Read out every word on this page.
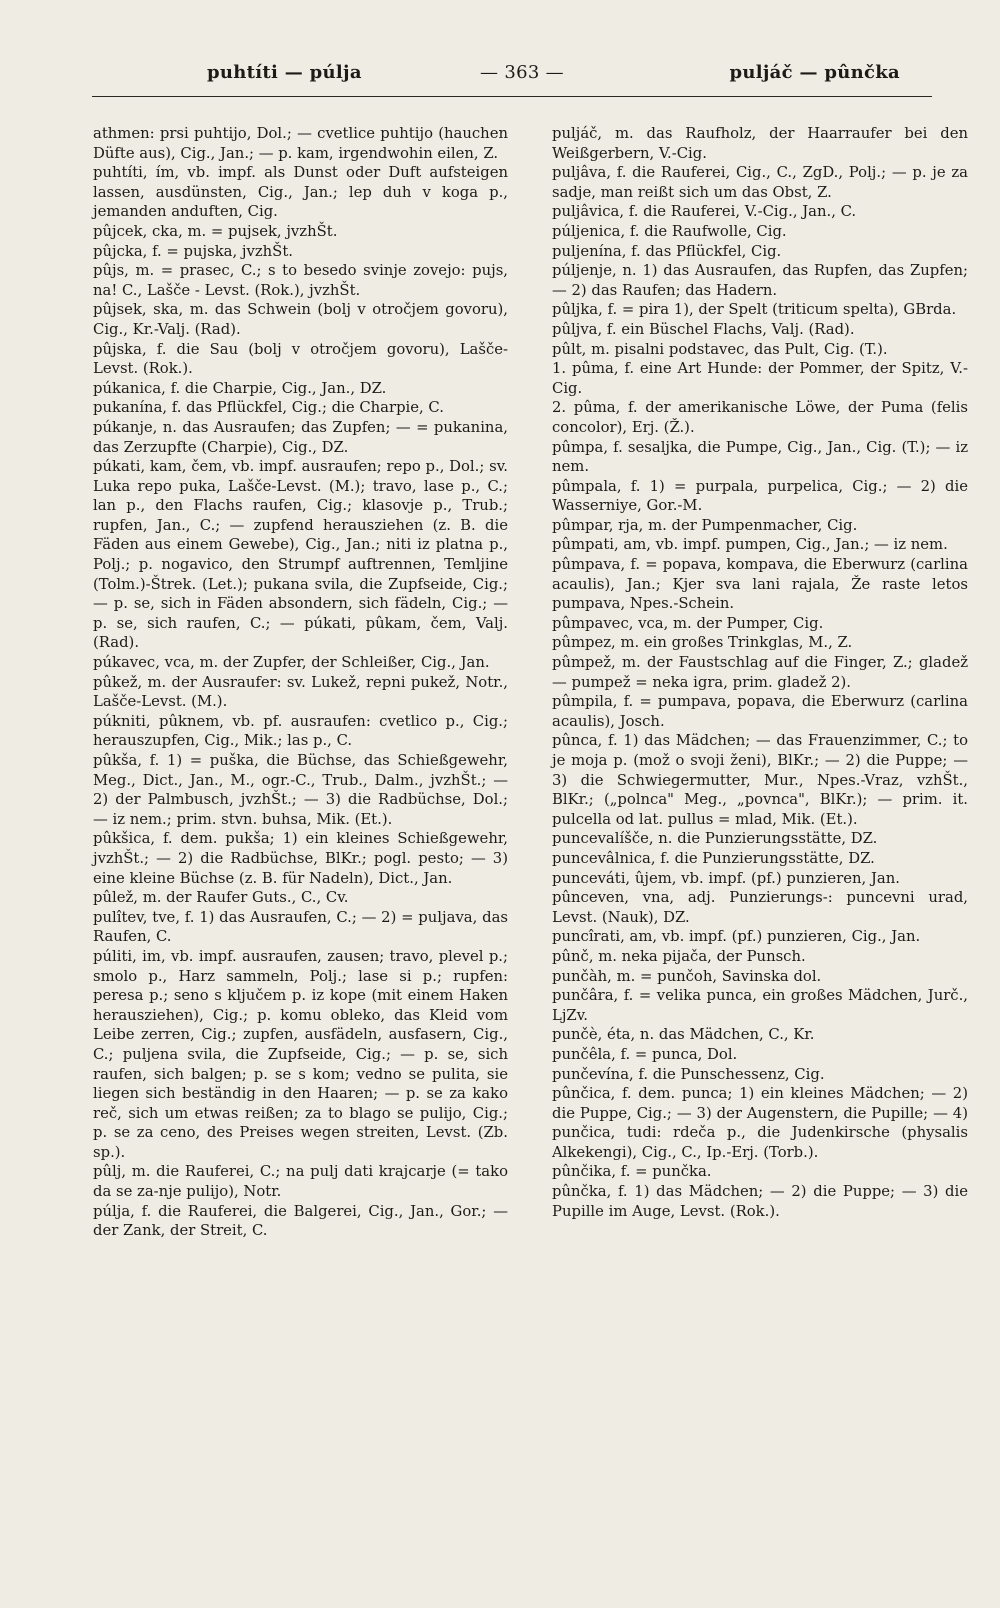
puhtíti — púlja	— 363 —	puljáč — pûnčka

athmen: prsi puhtijo, Dol.; — cvetlice puhtijo (hauchen Düfte aus), Cig., Jan.; — p. kam, irgendwohin eilen, Z.

puhtíti, ím, vb. impf. als Dunst oder Duft aufsteigen lassen, ausdünsten, Cig., Jan.; lep duh v koga p., jemanden anduften, Cig.

pûjcek, cka, m. = pujsek, jvzhŠt.

pûjcka, f. = pujska, jvzhŠt.

pûjs, m. = prasec, C.; s to besedo svinje zovejo: pujs, na! C., Lašče - Levst. (Rok.), jvzhŠt.

pûjsek, ska, m. das Schwein (bolj v otročjem govoru), Cig., Kr.-Valj. (Rad).

pûjska, f. die Sau (bolj v otročjem govoru), Lašče-Levst. (Rok.).

púkanica, f. die Charpie, Cig., Jan., DZ.

pukanína, f. das Pflückfel, Cig.; die Charpie, C.

púkanje, n. das Ausraufen; das Zupfen; — = pukanina, das Zerzupfte (Charpie), Cig., DZ.

púkati, kam, čem, vb. impf. ausraufen; repo p., Dol.; sv. Luka repo puka, Lašče-Levst. (M.); travo, lase p., C.; lan p., den Flachs raufen, Cig.; klasovje p., Trub.; rupfen, Jan., C.; — zupfend herausziehen (z. B. die Fäden aus einem Gewebe), Cig., Jan.; niti iz platna p., Polj.; p. nogavico, den Strumpf auftrennen, Temljine (Tolm.)-Štrek. (Let.); pukana svila, die Zupfseide, Cig.; — p. se, sich in Fäden absondern, sich fädeln, Cig.; — p. se, sich raufen, C.; — púkati, pûkam, čem, Valj. (Rad).

púkavec, vca, m. der Zupfer, der Schleißer, Cig., Jan.

pûkež, m. der Ausraufer: sv. Lukež, repni pukež, Notr., Lašče-Levst. (M.).

púkniti, pûknem, vb. pf. ausraufen: cvetlico p., Cig.; herauszupfen, Cig., Mik.; las p., C.

pûkša, f. 1) = puška, die Büchse, das Schießgewehr, Meg., Dict., Jan., M., ogr.-C., Trub., Dalm., jvzhŠt.; — 2) der Palmbusch, jvzhŠt.; — 3) die Radbüchse, Dol.; — iz nem.; prim. stvn. buhsa, Mik. (Et.).

pûkšica, f. dem. pukša; 1) ein kleines Schießgewehr, jvzhŠt.; — 2) die Radbüchse, BlKr.; pogl. pesto; — 3) eine kleine Büchse (z. B. für Nadeln), Dict., Jan.

pûlež, m. der Raufer Guts., C., Cv.

pulîtev, tve, f. 1) das Ausraufen, C.; — 2) = puljava, das Raufen, C.

púliti, im, vb. impf. ausraufen, zausen; travo, plevel p.; smolo p., Harz sammeln, Polj.; lase si p.; rupfen: peresa p.; seno s ključem p. iz kope (mit einem Haken herausziehen), Cig.; p. komu obleko, das Kleid vom Leibe zerren, Cig.; zupfen, ausfädeln, ausfasern, Cig., C.; puljena svila, die Zupfseide, Cig.; — p. se, sich raufen, sich balgen; p. se s kom; vedno se pulita, sie liegen sich beständig in den Haaren; — p. se za kako reč, sich um etwas reißen; za to blago se pulijo, Cig.; p. se za ceno, des Preises wegen streiten, Levst. (Zb. sp.).

pûlj, m. die Rauferei, C.; na pulj dati krajcarje (= tako da se za-nje pulijo), Notr.

púlja, f. die Rauferei, die Balgerei, Cig., Jan., Gor.; — der Zank, der Streit, C.

puljáč, m. das Raufholz, der Haarraufer bei den Weißgerbern, V.-Cig.

puljâva, f. die Rauferei, Cig., C., ZgD., Polj.; — p. je za sadje, man reißt sich um das Obst, Z.

puljâvica, f. die Rauferei, V.-Cig., Jan., C.

púljenica, f. die Raufwolle, Cig.

puljenína, f. das Pflückfel, Cig.

púljenje, n. 1) das Ausraufen, das Rupfen, das Zupfen; — 2) das Raufen; das Hadern.

pûljka, f. = pira 1), der Spelt (triticum spelta), GBrda.

pûljva, f. ein Büschel Flachs, Valj. (Rad).

pûlt, m. pisalni podstavec, das Pult, Cig. (T.).

1. pûma, f. eine Art Hunde: der Pommer, der Spitz, V.-Cig.

2. pûma, f. der amerikanische Löwe, der Puma (felis concolor), Erj. (Ž.).

pûmpa, f. sesaljka, die Pumpe, Cig., Jan., Cig. (T.); — iz nem.

pûmpala, f. 1) = purpala, purpelica, Cig.; — 2) die Wasserniye, Gor.-M.

pûmpar, rja, m. der Pumpenmacher, Cig.

pûmpati, am, vb. impf. pumpen, Cig., Jan.; — iz nem.

pûmpava, f. = popava, kompava, die Eberwurz (carlina acaulis), Jan.; Kjer sva lani rajala, Že raste letos pumpava, Npes.-Schein.

pûmpavec, vca, m. der Pumper, Cig.

pûmpez, m. ein großes Trinkglas, M., Z.

pûmpež, m. der Faustschlag auf die Finger, Z.; gladež — pumpež = neka igra, prim. gladež 2).

pûmpila, f. = pumpava, popava, die Eberwurz (carlina acaulis), Josch.

pûnca, f. 1) das Mädchen; — das Frauenzimmer, C.; to je moja p. (mož o svoji ženi), BlKr.; — 2) die Puppe; — 3) die Schwiegermutter, Mur., Npes.-Vraz, vzhŠt., BlKr.; („polnca" Meg., „povnca", BlKr.); — prim. it. pulcella od lat. pullus = mlad, Mik. (Et.).

puncevalíšče, n. die Punzierungsstätte, DZ.

puncevâlnica, f. die Punzierungsstätte, DZ.

punceváti, ûjem, vb. impf. (pf.) punzieren, Jan.

pûnceven, vna, adj. Punzierungs-: puncevni urad, Levst. (Nauk), DZ.

puncîrati, am, vb. impf. (pf.) punzieren, Cig., Jan.

pûnč, m. neka pijača, der Punsch.

punčàh, m. = punčoh, Savinska dol.

punčâra, f. = velika punca, ein großes Mädchen, Jurč., LjZv.

punčè, éta, n. das Mädchen, C., Kr.

punčêla, f. = punca, Dol.

punčevína, f. die Punschessenz, Cig.

pûnčica, f. dem. punca; 1) ein kleines Mädchen; — 2) die Puppe, Cig.; — 3) der Augenstern, die Pupille; — 4) punčica, tudi: rdeča p., die Judenkirsche (physalis Alkekengi), Cig., C., Ip.-Erj. (Torb.).

pûnčika, f. = punčka.

pûnčka, f. 1) das Mädchen; — 2) die Puppe; — 3) die Pupille im Auge, Levst. (Rok.).
